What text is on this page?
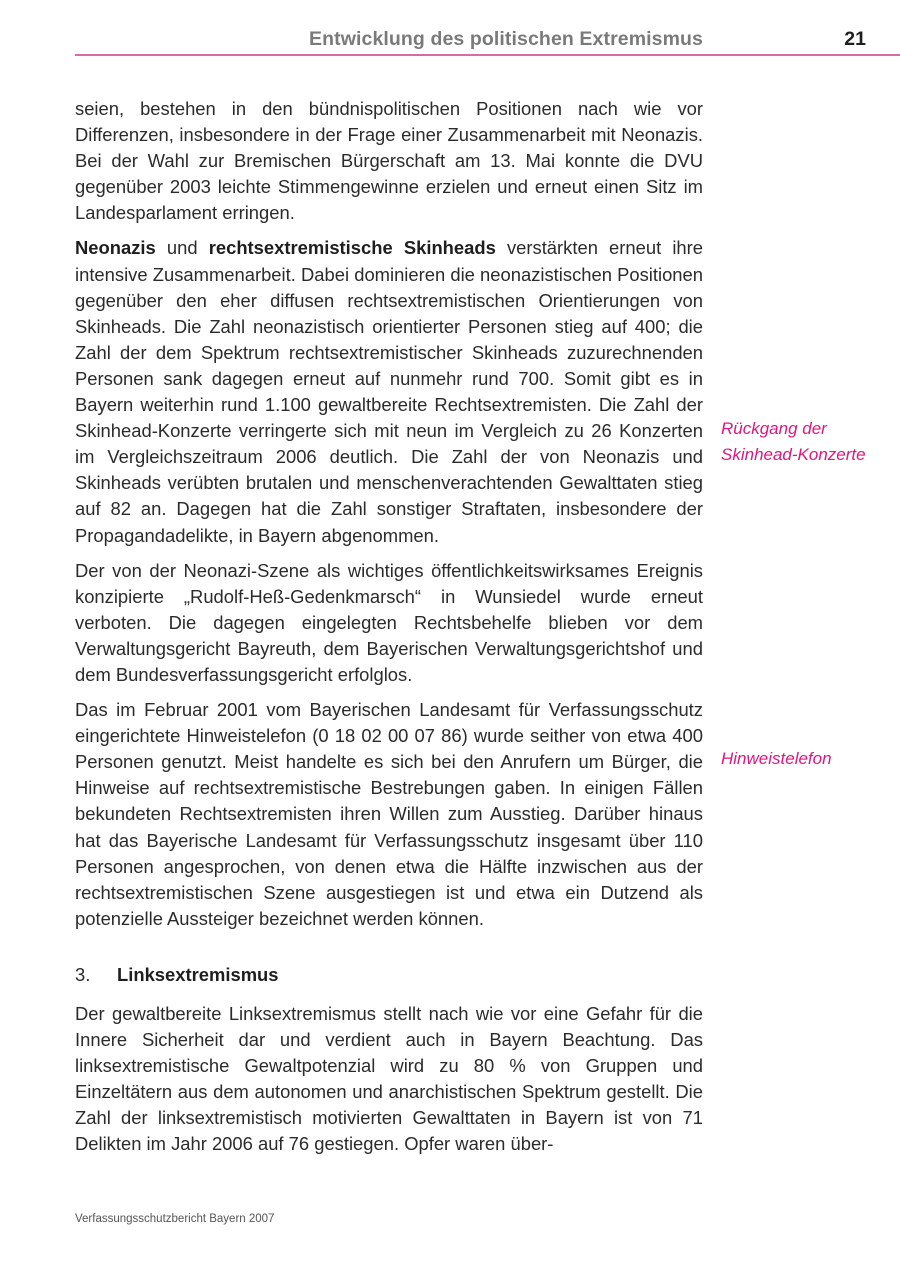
Entwicklung des politischen Extremismus	21

seien, bestehen in den bündnispolitischen Positionen nach wie vor Differenzen, insbesondere in der Frage einer Zusammenarbeit mit Neonazis. Bei der Wahl zur Bremischen Bürgerschaft am 13. Mai konnte die DVU gegenüber 2003 leichte Stimmengewinne erzielen und erneut einen Sitz im Landesparlament erringen.

Neonazis und rechtsextremistische Skinheads verstärkten erneut ihre intensive Zusammenarbeit. Dabei dominieren die neonazistischen Positionen gegenüber den eher diffusen rechtsextremistischen Orientierungen von Skinheads. Die Zahl neonazistisch orientierter Personen stieg auf 400; die Zahl der dem Spektrum rechtsextremistischer Skinheads zuzurechnenden Personen sank dagegen erneut auf nunmehr rund 700. Somit gibt es in Bayern weiterhin rund 1.100 gewaltbereite Rechtsextremisten. Die Zahl der Skinhead-Konzerte verringerte sich mit neun im Vergleich zu 26 Konzerten im Vergleichszeitraum 2006 deutlich. Die Zahl der von Neonazis und Skinheads verübten brutalen und menschenverachtenden Gewalttaten stieg auf 82 an. Dagegen hat die Zahl sonstiger Straftaten, insbesondere der Propagandadelikte, in Bayern abgenommen.

Der von der Neonazi-Szene als wichtiges öffentlichkeitswirksames Ereignis konzipierte „Rudolf-Heß-Gedenkmarsch“ in Wunsiedel wurde erneut verboten. Die dagegen eingelegten Rechtsbehelfe blieben vor dem Verwaltungsgericht Bayreuth, dem Bayerischen Verwaltungsgerichtshof und dem Bundesverfassungsgericht erfolglos.

Das im Februar 2001 vom Bayerischen Landesamt für Verfassungsschutz eingerichtete Hinweistelefon (0 18 02 00 07 86) wurde seither von etwa 400 Personen genutzt. Meist handelte es sich bei den Anrufern um Bürger, die Hinweise auf rechtsextremistische Bestrebungen gaben. In einigen Fällen bekundeten Rechtsextremisten ihren Willen zum Ausstieg. Darüber hinaus hat das Bayerische Landesamt für Verfassungsschutz insgesamt über 110 Personen angesprochen, von denen etwa die Hälfte inzwischen aus der rechtsextremistischen Szene ausgestiegen ist und etwa ein Dutzend als potenzielle Aussteiger bezeichnet werden können.

3. Linksextremismus

Der gewaltbereite Linksextremismus stellt nach wie vor eine Gefahr für die Innere Sicherheit dar und verdient auch in Bayern Beachtung. Das linksextremistische Gewaltpotenzial wird zu 80 % von Gruppen und Einzeltätern aus dem autonomen und anarchistischen Spektrum gestellt. Die Zahl der linksextremistisch motivierten Gewalttaten in Bayern ist von 71 Delikten im Jahr 2006 auf 76 gestiegen. Opfer waren über-

Rückgang der
Skinhead-Konzerte
Hinweistelefon
Verfassungsschutzbericht Bayern 2007
